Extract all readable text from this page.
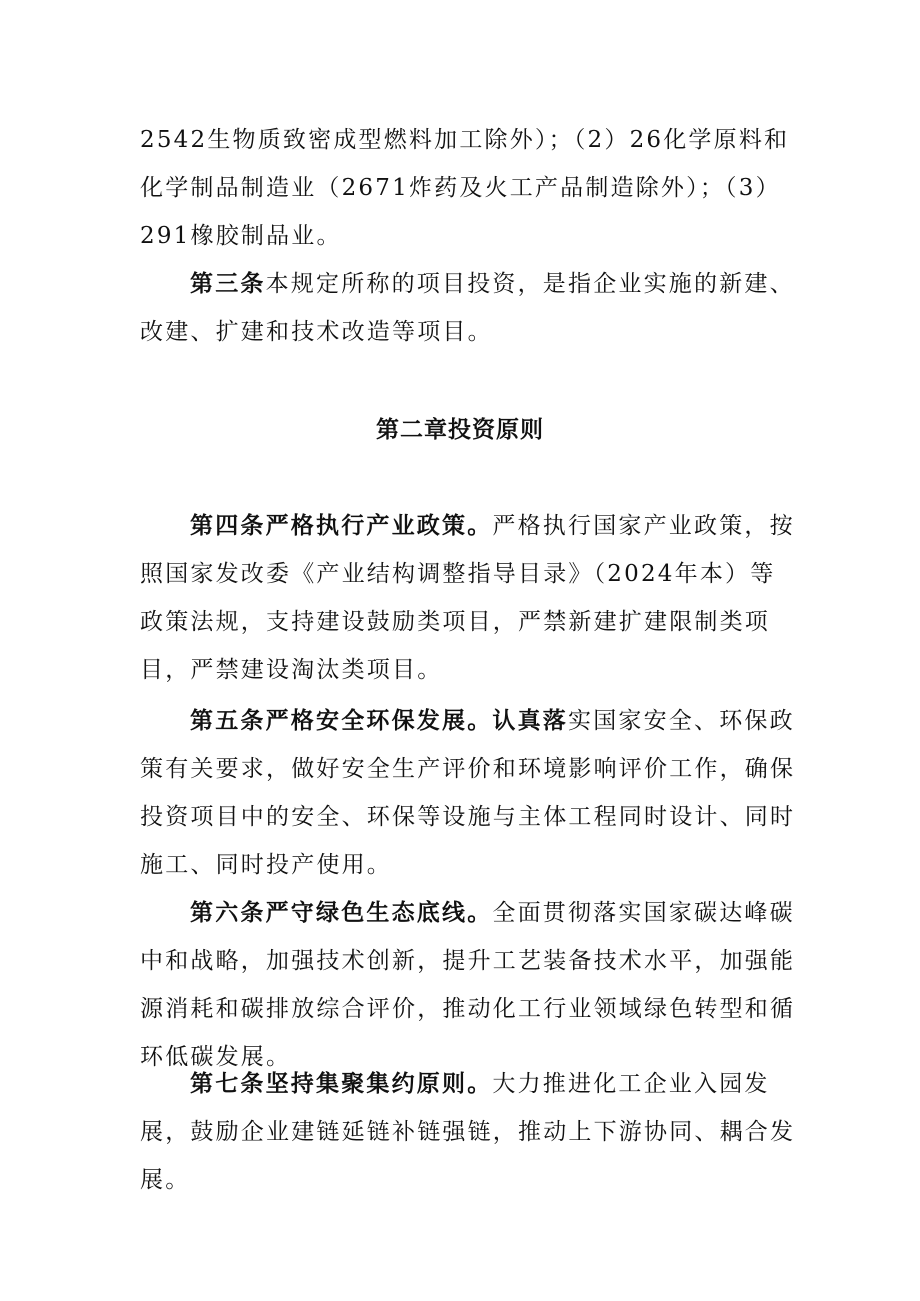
2542生物质致密成型燃料加工除外）；（2）26化学原料和化学制品制造业（2671炸药及火工产品制造除外）；（3）291橡胶制品业。

第三条本规定所称的项目投资，是指企业实施的新建、改建、扩建和技术改造等项目。

第二章投资原则

第四条严格执行产业政策。严格执行国家产业政策，按照国家发改委《产业结构调整指导目录》（2024年本）等政策法规，支持建设鼓励类项目，严禁新建扩建限制类项目，严禁建设淘汰类项目。

第五条严格安全环保发展。认真落实国家安全、环保政策有关要求，做好安全生产评价和环境影响评价工作，确保投资项目中的安全、环保等设施与主体工程同时设计、同时施工、同时投产使用。

第六条严守绿色生态底线。全面贯彻落实国家碳达峰碳中和战略，加强技术创新，提升工艺装备技术水平，加强能源消耗和碳排放综合评价，推动化工行业领域绿色转型和循环低碳发展。

第七条坚持集聚集约原则。大力推进化工企业入园发展，鼓励企业建链延链补链强链，推动上下游协同、耦合发展。
